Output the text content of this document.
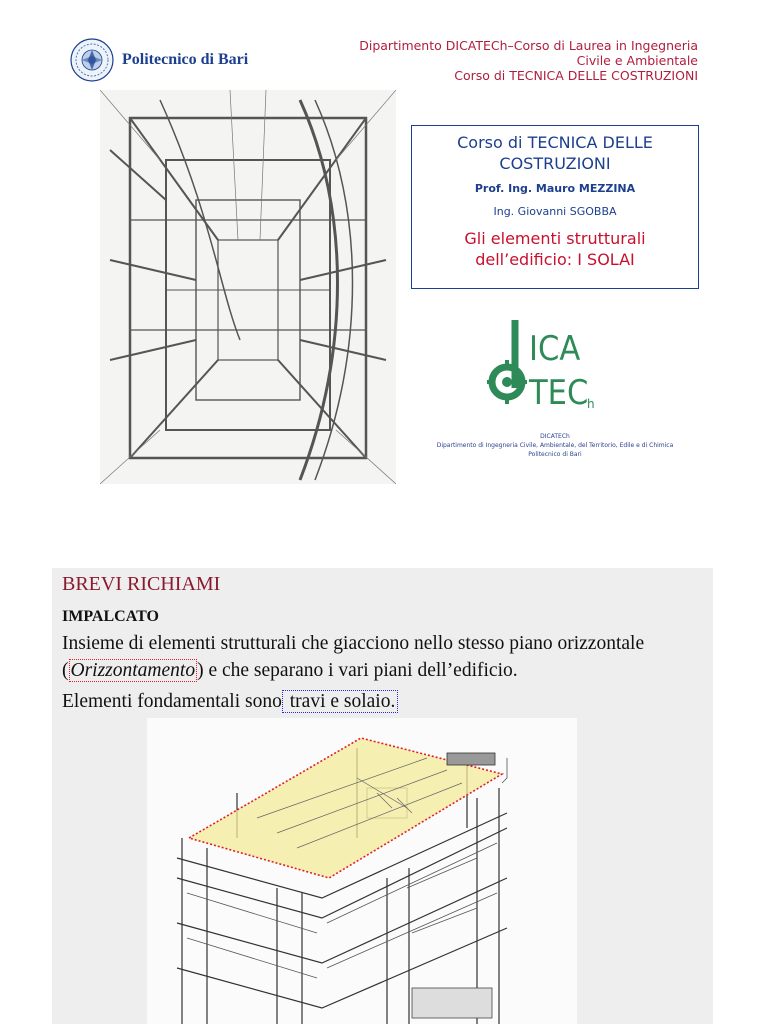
Politecnico di Bari
Dipartimento DICATECh–Corso di Laurea in Ingegneria
Civile e Ambientale
Corso di TECNICA DELLE COSTRUZIONI
Corso di TECNICA DELLE
COSTRUZIONI
Prof. Ing. Mauro MEZZINA
Ing. Giovanni SGOBBA
Gli elementi strutturali
dell’edificio: I SOLAI
ICA
TEC
h
DICATECh
Dipartimento di Ingegneria Civile, Ambientale, del Territorio, Edile e di Chimica
Politecnico di Bari
BREVI RICHIAMI
IMPALCATO
Insieme di elementi strutturali che giacciono nello stesso piano orizzontale ( Orizzontamento ) e che separano i vari piani dell’edificio.
Elementi fondamentali sono travi e solaio.
